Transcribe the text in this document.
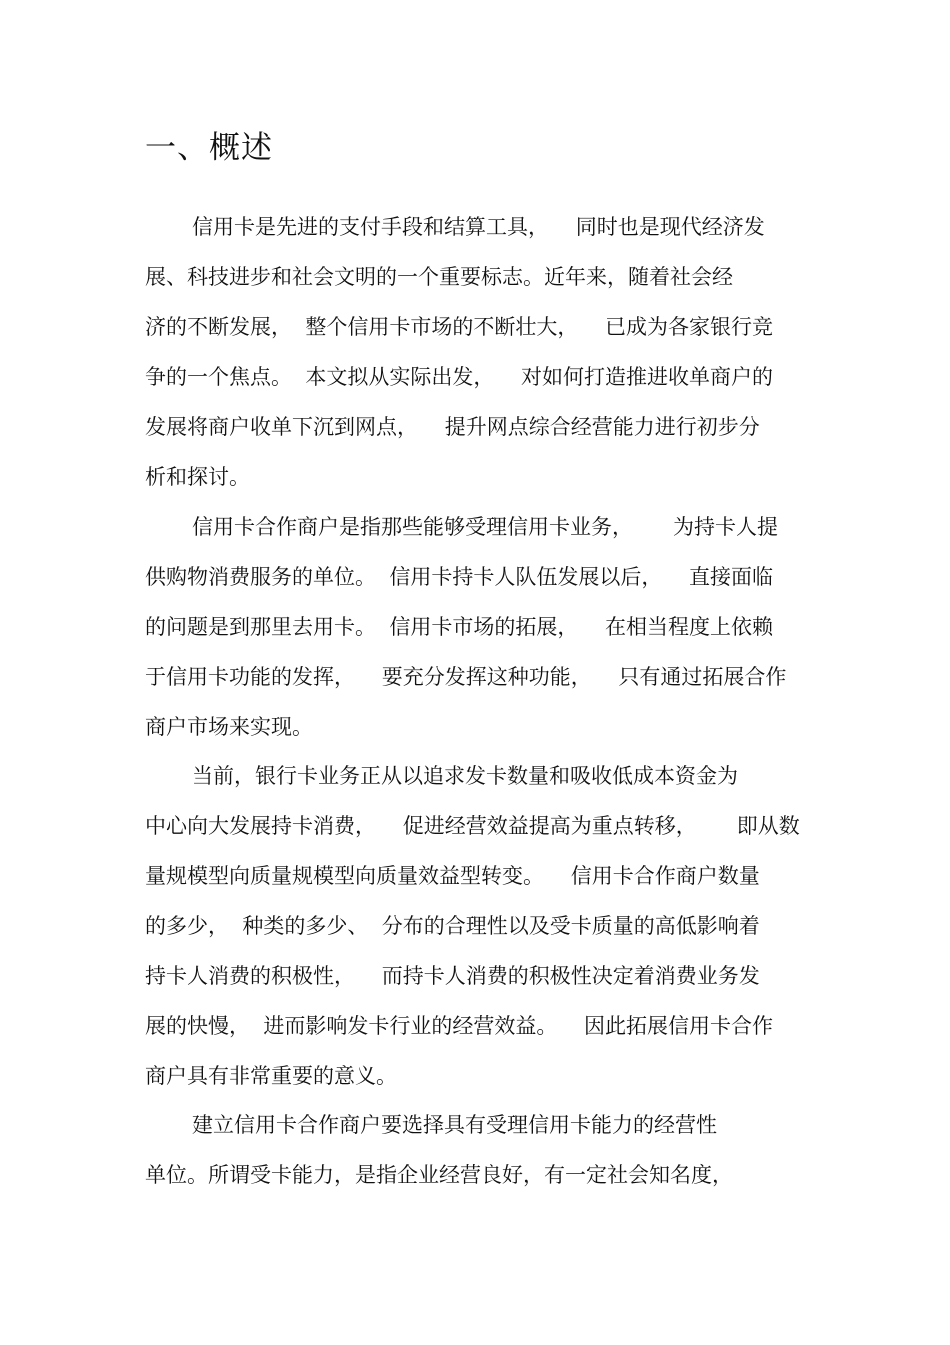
一、概述

信用卡是先进的支付手段和结算工具，    同时也是现代经济发

展、科技进步和社会文明的一个重要标志。近年来，随着社会经

济的不断发展，  整个信用卡市场的不断壮大，    已成为各家银行竞

争的一个焦点。  本文拟从实际出发，    对如何打造推进收单商户的

发展将商户收单下沉到网点，    提升网点综合经营能力进行初步分

析和探讨。

信用卡合作商户是指那些能够受理信用卡业务，      为持卡人提

供购物消费服务的单位。  信用卡持卡人队伍发展以后，    直接面临

的问题是到那里去用卡。  信用卡市场的拓展，    在相当程度上依赖

于信用卡功能的发挥，    要充分发挥这种功能，    只有通过拓展合作

商户市场来实现。

当前，银行卡业务正从以追求发卡数量和吸收低成本资金为

中心向大发展持卡消费，    促进经营效益提高为重点转移，      即从数

量规模型向质量规模型向质量效益型转变。    信用卡合作商户数量

的多少，  种类的多少、  分布的合理性以及受卡质量的高低影响着

持卡人消费的积极性，    而持卡人消费的积极性决定着消费业务发

展的快慢，  进而影响发卡行业的经营效益。    因此拓展信用卡合作

商户具有非常重要的意义。

建立信用卡合作商户要选择具有受理信用卡能力的经营性

单位。所谓受卡能力，是指企业经营良好，有一定社会知名度，
